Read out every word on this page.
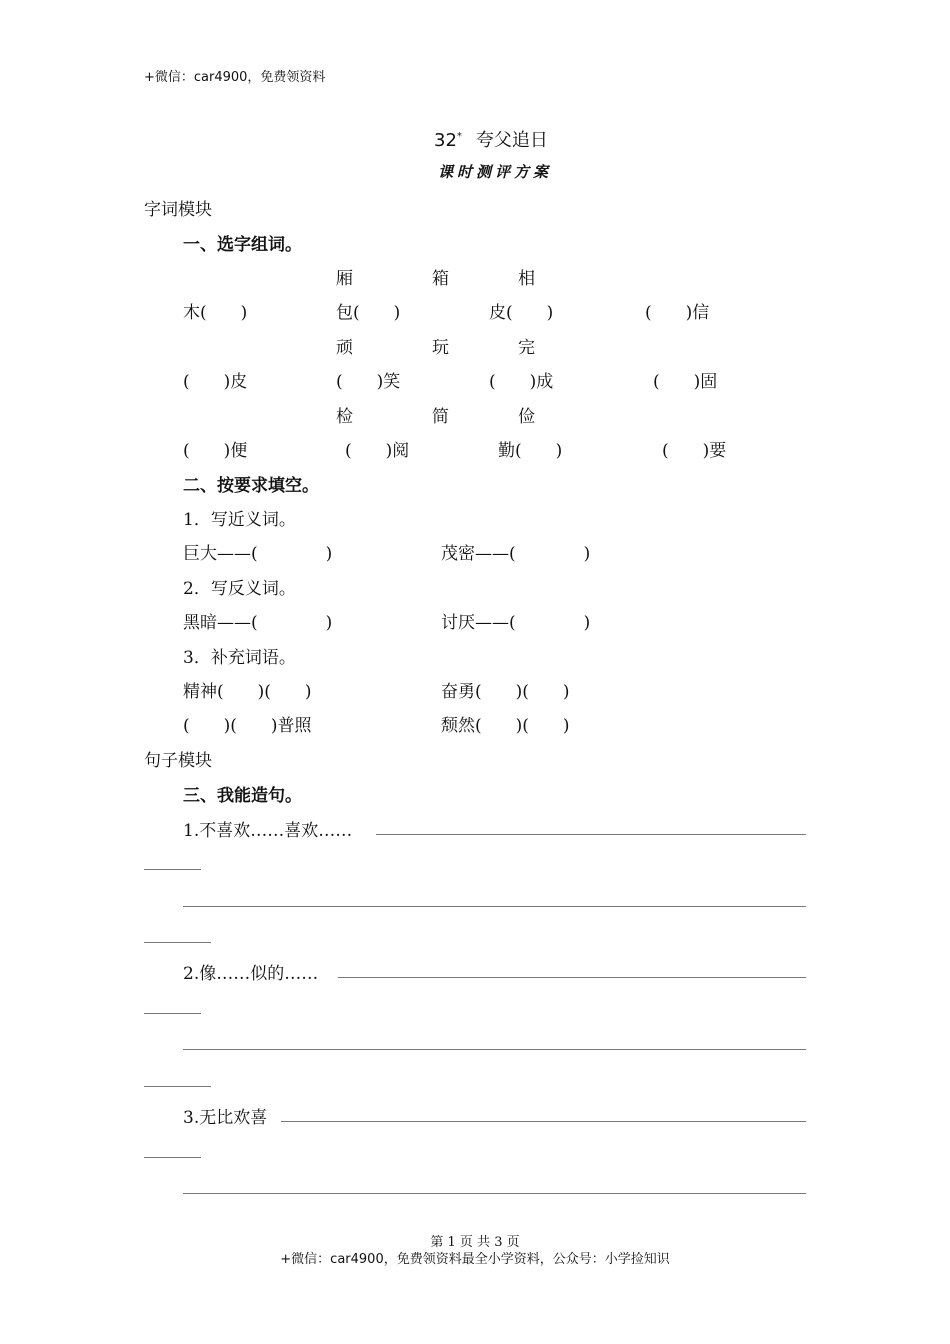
+微信：car4900，免费领资料
32* 夸父追日
课时测评方案
字词模块
一、选字组词。
厢	箱	相
木(　　)	包(　　)	皮(　　)	(　　)信
顽	玩	完
(　　)皮	(　　)笑	(　　)成	(　　)固
检	简	俭
(　　)便	(　　)阅	勤(　　)	(　　)要
二、按要求填空。
1．写近义词。
巨大——(　　　　)	茂密——(　　　　)
2．写反义词。
黑暗——(　　　　)	讨厌——(　　　　)
3．补充词语。
精神(　　)(　　)	奋勇(　　)(　　)
(　　)(　　)普照	颓然(　　)(　　)
句子模块
三、我能造句。
1.不喜欢……喜欢……
2.像……似的……
3.无比欢喜
第 1 页 共 3 页
+微信：car4900，免费领资料最全小学资料，公众号：小学捡知识
